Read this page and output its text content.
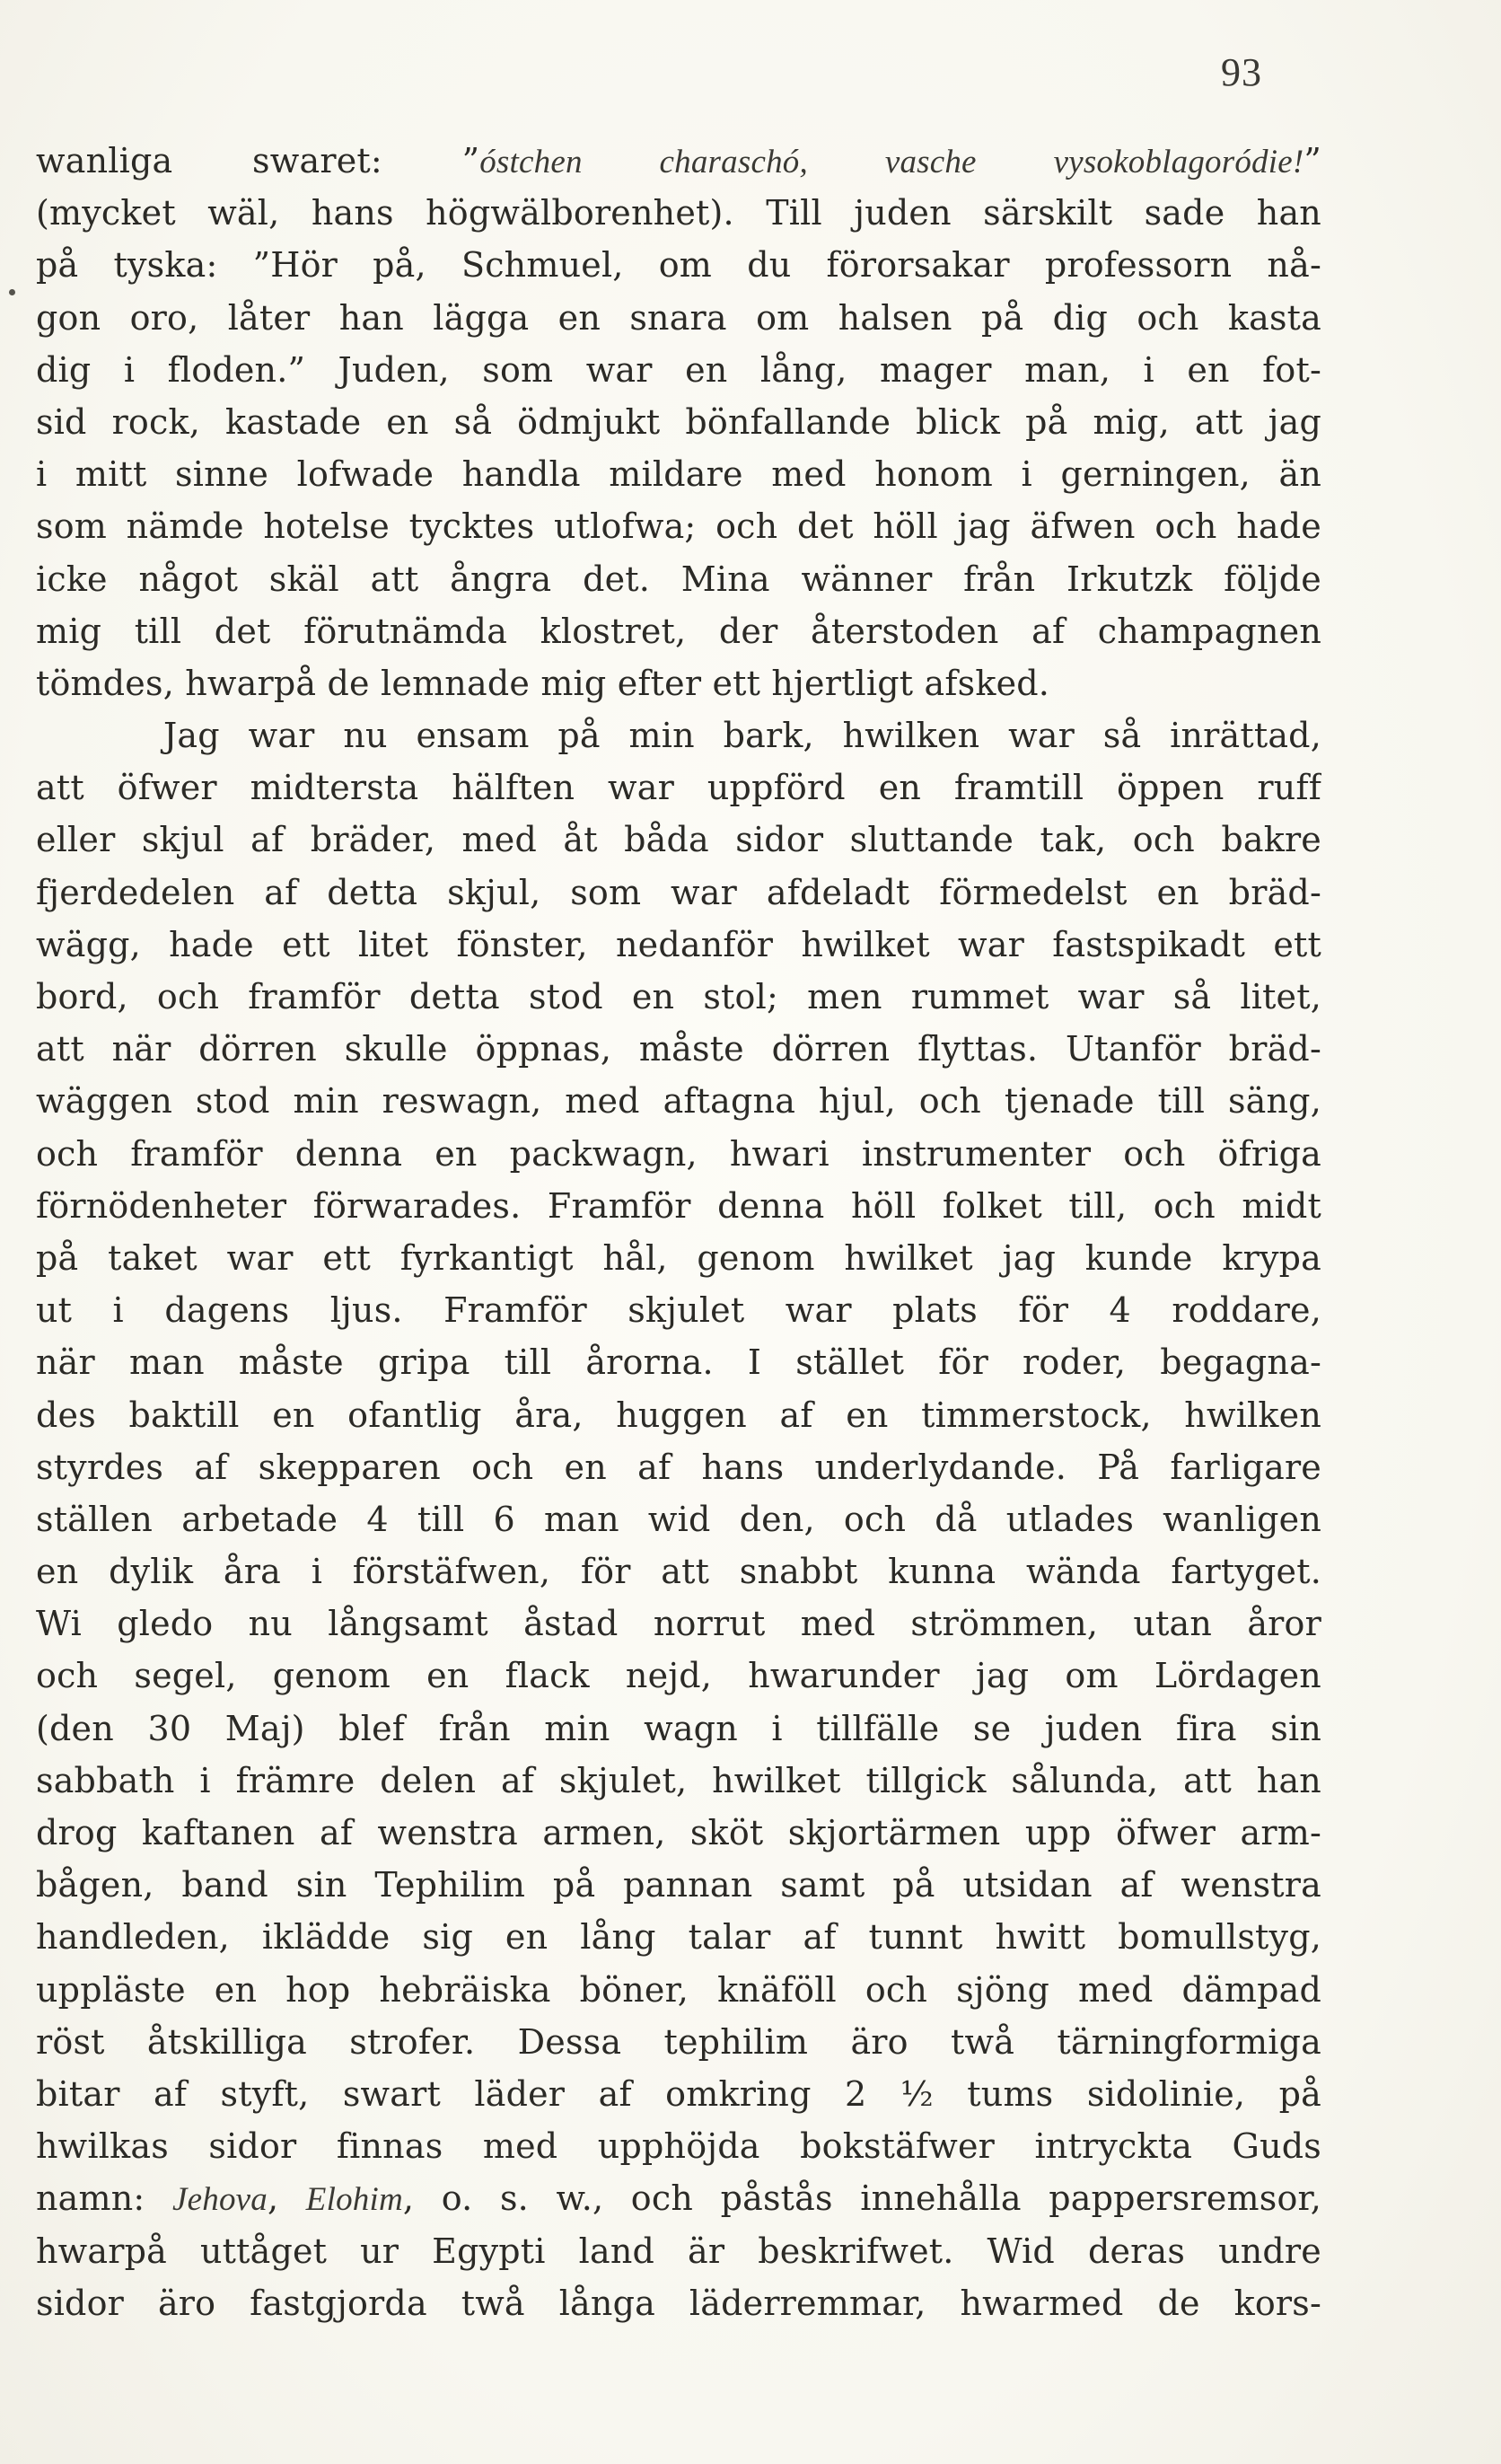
93
wanliga swaret: ”óstchen charaschó, vasche vysokoblagoródie!”
(mycket wäl, hans högwälborenhet). Till juden särskilt sade han
på tyska: ”Hör på, Schmuel, om du förorsakar professorn nå-
gon oro, låter han lägga en snara om halsen på dig och kasta
dig i floden.” Juden, som war en lång, mager man, i en fot-
sid rock, kastade en så ödmjukt bönfallande blick på mig, att jag
i mitt sinne lofwade handla mildare med honom i gerningen, än
som nämde hotelse tycktes utlofwa; och det höll jag äfwen och hade
icke något skäl att ångra det. Mina wänner från Irkutzk följde
mig till det förutnämda klostret, der återstoden af champagnen
tömdes, hwarpå de lemnade mig efter ett hjertligt afsked.
Jag war nu ensam på min bark, hwilken war så inrättad,
att öfwer midtersta hälften war uppförd en framtill öppen ruff
eller skjul af bräder, med åt båda sidor sluttande tak, och bakre
fjerdedelen af detta skjul, som war afdeladt förmedelst en bräd-
wägg, hade ett litet fönster, nedanför hwilket war fastspikadt ett
bord, och framför detta stod en stol; men rummet war så litet,
att när dörren skulle öppnas, måste dörren flyttas. Utanför bräd-
wäggen stod min reswagn, med aftagna hjul, och tjenade till säng,
och framför denna en packwagn, hwari instrumenter och öfriga
förnödenheter förwarades. Framför denna höll folket till, och midt
på taket war ett fyrkantigt hål, genom hwilket jag kunde krypa
ut i dagens ljus. Framför skjulet war plats för 4 roddare,
när man måste gripa till årorna. I stället för roder, begagna-
des baktill en ofantlig åra, huggen af en timmerstock, hwilken
styrdes af skepparen och en af hans underlydande. På farligare
ställen arbetade 4 till 6 man wid den, och då utlades wanligen
en dylik åra i förstäfwen, för att snabbt kunna wända fartyget.
Wi gledo nu långsamt åstad norrut med strömmen, utan åror
och segel, genom en flack nejd, hwarunder jag om Lördagen
(den 30 Maj) blef från min wagn i tillfälle se juden fira sin
sabbath i främre delen af skjulet, hwilket tillgick sålunda, att han
drog kaftanen af wenstra armen, sköt skjortärmen upp öfwer arm-
bågen, band sin Tephilim på pannan samt på utsidan af wenstra
handleden, iklädde sig en lång talar af tunnt hwitt bomullstyg,
uppläste en hop hebräiska böner, knäföll och sjöng med dämpad
röst åtskilliga strofer. Dessa tephilim äro twå tärningformiga
bitar af styft, swart läder af omkring 2 ½ tums sidolinie, på
hwilkas sidor finnas med upphöjda bokstäfwer intryckta Guds
namn: Jehova, Elohim, o. s. w., och påstås innehålla pappersremsor,
hwarpå uttåget ur Egypti land är beskrifwet. Wid deras undre
sidor äro fastgjorda twå långa läderremmar, hwarmed de kors-
